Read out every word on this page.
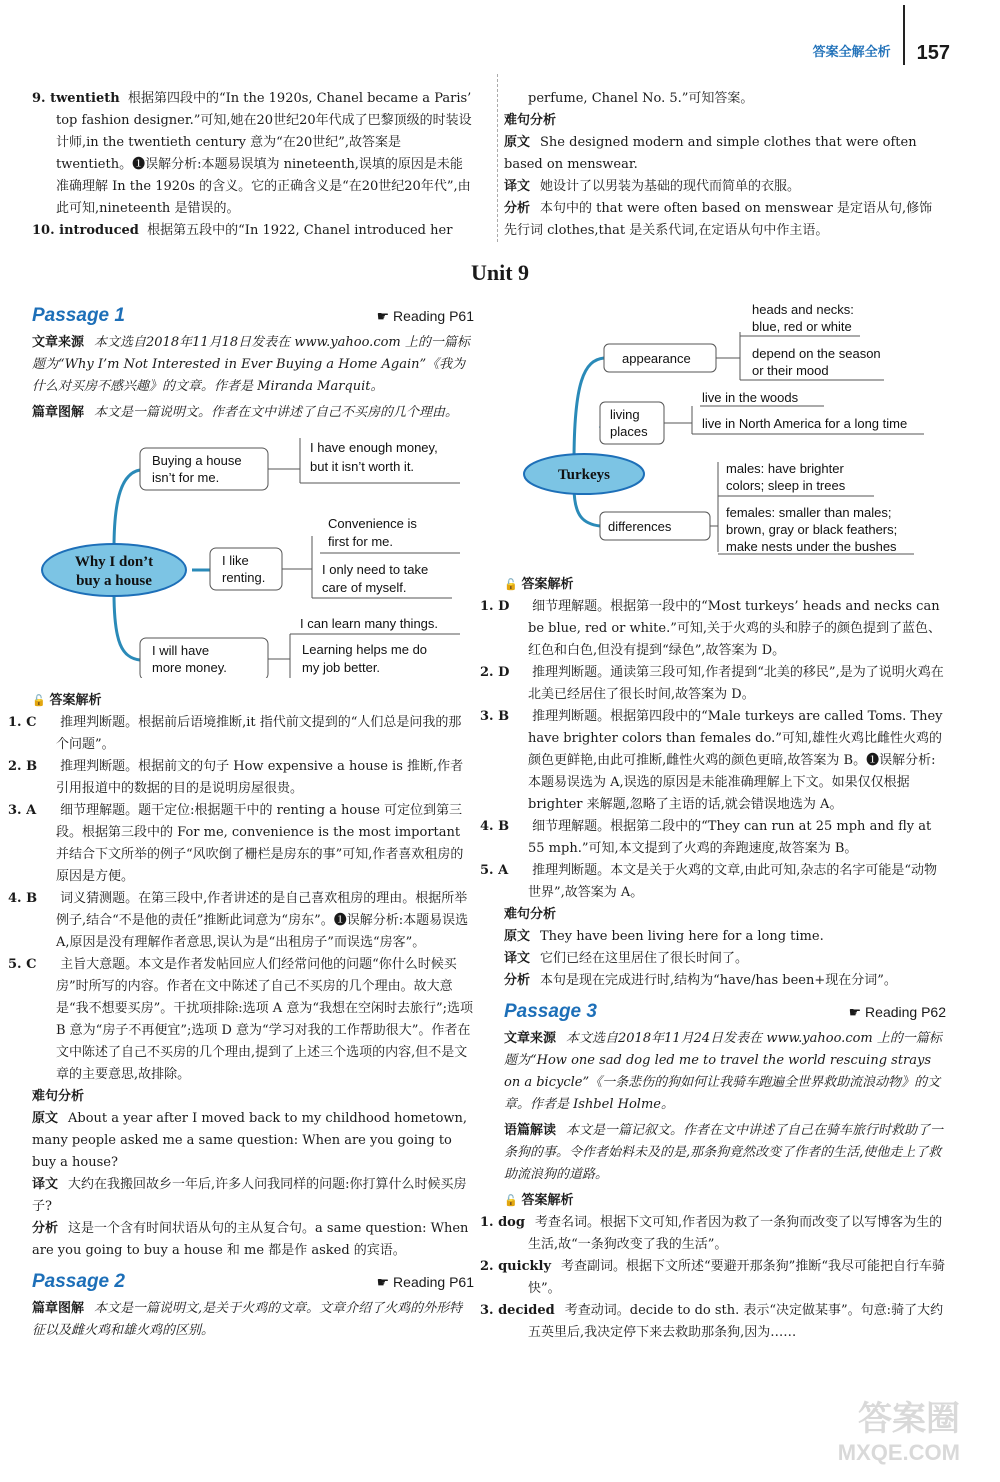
答案全解全析 157

9. twentieth 根据第四段中的“In the 1920s, Chanel became a Paris’ top fashion designer.”可知,她在20世纪20年代成了巴黎顶级的时装设计师,in the twentieth century 意为“在20世纪”,故答案是 twentieth。❶误解分析:本题易误填为 nineteenth,误填的原因是未能准确理解 In the 1920s 的含义。它的正确含义是“在20世纪20年代”,由此可知,nineteenth 是错误的。

10. introduced 根据第五段中的“In 1922, Chanel introduced her

perfume, Chanel No. 5.”可知答案。

难句分析

原文 She designed modern and simple clothes that were often based on menswear.

译文 她设计了以男装为基础的现代而简单的衣服。

分析 本句中的 that were often based on menswear 是定语从句,修饰先行词 clothes,that 是关系代词,在定语从句中作主语。

Unit 9
Passage 1	☛ Reading P61

文章来源 本文选自2018年11月18日发表在 www.yahoo.com 上的一篇标题为“Why I’m Not Interested in Ever Buying a Home Again”《我为什么对买房不感兴趣》的文章。作者是 Miranda Marquit。

篇章图解 本文是一篇说明文。作者在文中讲述了自己不买房的几个理由。

Why I don’t
buy a house
Buying a house
isn’t for me.
I have enough money,
but it isn’t worth it.
I like
renting.
Convenience is
first for me.
I only need to take
care of myself.
I will have
more money.
I can learn many things.
Learning helps me do
my job better.

🔓 答案解析

1. C 推理判断题。根据前后语境推断,it 指代前文提到的“人们总是问我的那个问题”。

2. B 推理判断题。根据前文的句子 How expensive a house is 推断,作者引用报道中的数据的目的是说明房屋很贵。

3. A 细节理解题。题干定位:根据题干中的 renting a house 可定位到第三段。根据第三段中的 For me, convenience is the most important 并结合下文所举的例子“风吹倒了栅栏是房东的事”可知,作者喜欢租房的原因是方便。

4. B 词义猜测题。在第三段中,作者讲述的是自己喜欢租房的理由。根据所举例子,结合“不是他的责任”推断此词意为“房东”。❶误解分析:本题易误选 A,原因是没有理解作者意思,误认为是“出租房子”而误选“房客”。

5. C 主旨大意题。本文是作者发帖回应人们经常问他的问题“你什么时候买房”时所写的内容。作者在文中陈述了自己不买房的几个理由。故大意是“我不想要买房”。干扰项排除:选项 A 意为“我想在空闲时去旅行”;选项 B 意为“房子不再便宜”;选项 D 意为“学习对我的工作帮助很大”。作者在文中陈述了自己不买房的几个理由,提到了上述三个选项的内容,但不是文章的主要意思,故排除。

难句分析

原文 About a year after I moved back to my childhood hometown, many people asked me a same question: When are you going to buy a house?

译文 大约在我搬回故乡一年后,许多人问我同样的问题:你打算什么时候买房子?

分析 这是一个含有时间状语从句的主从复合句。a same question: When are you going to buy a house 和 me 都是作 asked 的宾语。

Passage 2	☛ Reading P61

篇章图解 本文是一篇说明文,是关于火鸡的文章。文章介绍了火鸡的外形特征以及雌火鸡和雄火鸡的区别。

Turkeys
appearance
heads and necks:
blue, red or white
depend on the season
or their mood
living
places
live in the woods
live in North America for a long time
differences
males: have brighter
colors; sleep in trees
females: smaller than males;
brown, gray or black feathers;
make nests under the bushes

🔓 答案解析

1. D 细节理解题。根据第一段中的“Most turkeys’ heads and necks can be blue, red or white.”可知,关于火鸡的头和脖子的颜色提到了蓝色、红色和白色,但没有提到“绿色”,故答案为 D。

2. D 推理判断题。通读第三段可知,作者提到“北美的移民”,是为了说明火鸡在北美已经居住了很长时间,故答案为 D。

3. B 推理判断题。根据第四段中的“Male turkeys are called Toms. They have brighter colors than females do.”可知,雄性火鸡比雌性火鸡的颜色更鲜艳,由此可推断,雌性火鸡的颜色更暗,故答案为 B。❶误解分析:本题易误选为 A,误选的原因是未能准确理解上下文。如果仅仅根据 brighter 来解题,忽略了主语的话,就会错误地选为 A。

4. B 细节理解题。根据第二段中的“They can run at 25 mph and fly at 55 mph.”可知,本文提到了火鸡的奔跑速度,故答案为 B。

5. A 推理判断题。本文是关于火鸡的文章,由此可知,杂志的名字可能是“动物世界”,故答案为 A。

难句分析

原文 They have been living here for a long time.

译文 它们已经在这里居住了很长时间了。

分析 本句是现在完成进行时,结构为“have/has been+现在分词”。

Passage 3	☛ Reading P62

文章来源 本文选自2018年11月24日发表在 www.yahoo.com 上的一篇标题为“How one sad dog led me to travel the world rescuing strays on a bicycle”《一条悲伤的狗如何让我骑车跑遍全世界救助流浪动物》的文章。作者是 Ishbel Holme。

语篇解读 本文是一篇记叙文。作者在文中讲述了自己在骑车旅行时救助了一条狗的事。令作者始料未及的是,那条狗竟然改变了作者的生活,使他走上了救助流浪狗的道路。

🔓 答案解析

1. dog 考查名词。根据下文可知,作者因为救了一条狗而改变了以写博客为生的生活,故“一条狗改变了我的生活”。

2. quickly 考查副词。根据下文所述“要避开那条狗”推断“我尽可能把自行车骑快”。

3. decided 考查动词。decide to do sth. 表示“决定做某事”。句意:骑了大约五英里后,我决定停下来去救助那条狗,因为……

答案圈
MXQE.COM
